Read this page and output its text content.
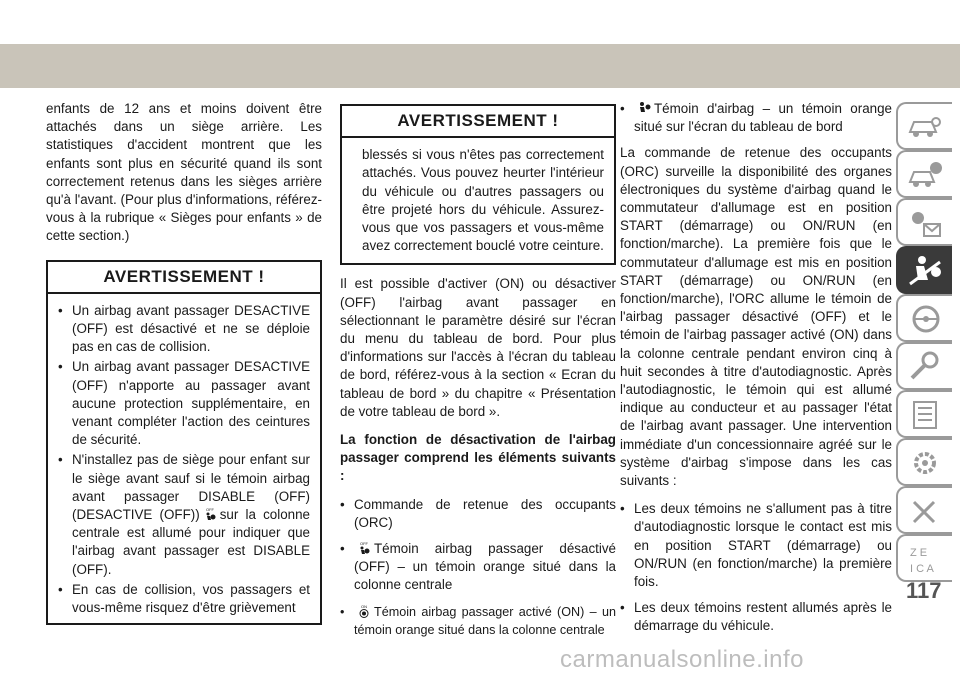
enfants de 12 ans et moins doivent être attachés dans un siège arrière. Les statistiques d'accident montrent que les enfants sont plus en sécurité quand ils sont correctement retenus dans les sièges arrière qu'à l'avant. (Pour plus d'informations, référez-vous à la rubrique « Sièges pour enfants » de cette section.)

AVERTISSEMENT !
• Un airbag avant passager DESACTIVE (OFF) est désactivé et ne se déploie pas en cas de collision.
• Un airbag avant passager DESACTIVE (OFF) n'apporte au passager avant aucune protection supplémentaire, en venant compléter l'action des ceintures de sécurité.
• N'installez pas de siège pour enfant sur le siège avant sauf si le témoin airbag avant passager DISABLE (OFF) (DESACTIVE (OFF)) OFF sur la colonne centrale est allumé pour indiquer que l'airbag avant passager est DISABLE (OFF).
• En cas de collision, vos passagers et vous-même risquez d'être grièvement
AVERTISSEMENT !
blessés si vous n'êtes pas correctement attachés. Vous pouvez heurter l'intérieur du véhicule ou d'autres passagers ou être projeté hors du véhicule. Assurez-vous que vos passagers et vous-même avez correctement bouclé votre ceinture.

Il est possible d'activer (ON) ou désactiver (OFF) l'airbag avant passager en sélectionnant le paramètre désiré sur l'écran du menu du tableau de bord. Pour plus d'informations sur l'accès à l'écran du tableau de bord, référez-vous à la section « Ecran du tableau de bord » du chapitre « Présentation de votre tableau de bord ».

La fonction de désactivation de l'airbag passager comprend les éléments suivants :

• Commande de retenue des occupants (ORC)
• OFF Témoin airbag passager désactivé (OFF) – un témoin orange situé dans la colonne centrale
• ON Témoin airbag passager activé (ON) – un témoin orange situé dans la colonne centrale
• Témoin d'airbag – un témoin orange situé sur l'écran du tableau de bord

La commande de retenue des occupants (ORC) surveille la disponibilité des organes électroniques du système d'airbag quand le commutateur d'allumage est en position START (démarrage) ou ON/RUN (en fonction/marche). La première fois que le commutateur d'allumage est mis en position START (démarrage) ou ON/RUN (en fonction/marche), l'ORC allume le témoin de l'airbag passager désactivé (OFF) et le témoin de l'airbag passager activé (ON) dans la colonne centrale pendant environ cinq à huit secondes à titre d'autodiagnostic. Après l'autodiagnostic, le témoin qui est allumé indique au conducteur et au passager l'état de l'airbag avant passager. Une intervention immédiate d'un concessionnaire agréé sur le système d'airbag s'impose dans les cas suivants :

• Les deux témoins ne s'allument pas à titre d'autodiagnostic lorsque le contact est mis en position START (démarrage) ou ON/RUN (en fonction/marche) la première fois.
• Les deux témoins restent allumés après le démarrage du véhicule.
Z E
I C A
117
carmanualsonline.info
